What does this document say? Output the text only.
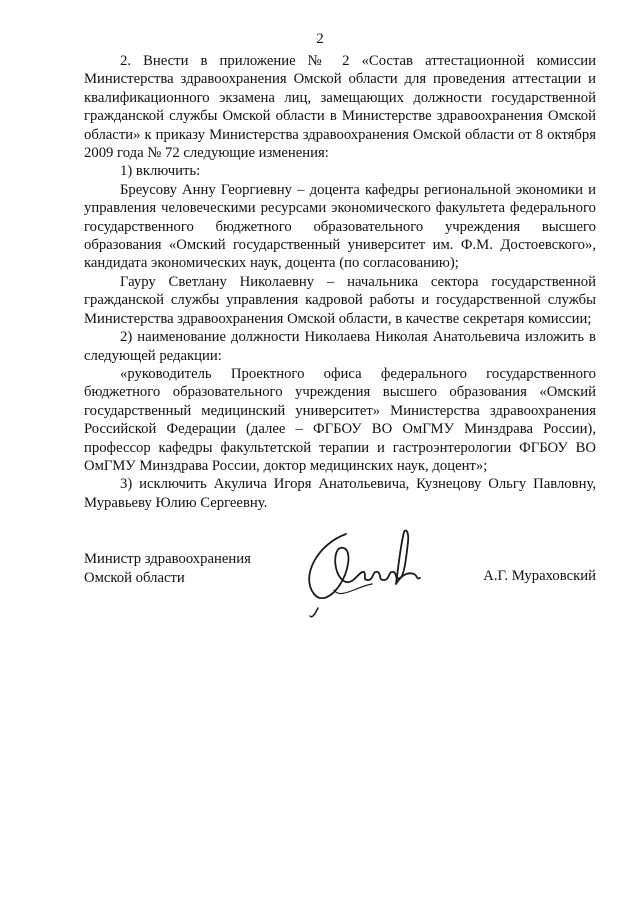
2

2. Внести в приложение № 2 «Состав аттестационной комиссии Министерства здравоохранения Омской области для проведения аттестации и квалификационного экзамена лиц, замещающих должности государственной гражданской службы Омской области в Министерстве здравоохранения Омской области» к приказу Министерства здравоохранения Омской области от 8 октября 2009 года № 72 следующие изменения:

1) включить:

Бреусову Анну Георгиевну – доцента кафедры региональной экономики и управления человеческими ресурсами экономического факультета федерального государственного бюджетного образовательного учреждения высшего образования «Омский государственный университет им. Ф.М. Достоевского», кандидата экономических наук, доцента (по согласованию);

Гауру Светлану Николаевну – начальника сектора государственной гражданской службы управления кадровой работы и государственной службы Министерства здравоохранения Омской области, в качестве секретаря комиссии;

2) наименование должности Николаева Николая Анатольевича изложить в следующей редакции:

«руководитель Проектного офиса федерального государственного бюджетного образовательного учреждения высшего образования «Омский государственный медицинский университет» Министерства здравоохранения Российской Федерации (далее – ФГБОУ ВО ОмГМУ Минздрава России), профессор кафедры факультетской терапии и гастроэнтерологии ФГБОУ ВО ОмГМУ Минздрава России, доктор медицинских наук, доцент»;

3) исключить Акулича Игоря Анатольевича, Кузнецову Ольгу Павловну, Муравьеву Юлию Сергеевну.

Министр здравоохранения
Омской области	А.Г. Мураховский
